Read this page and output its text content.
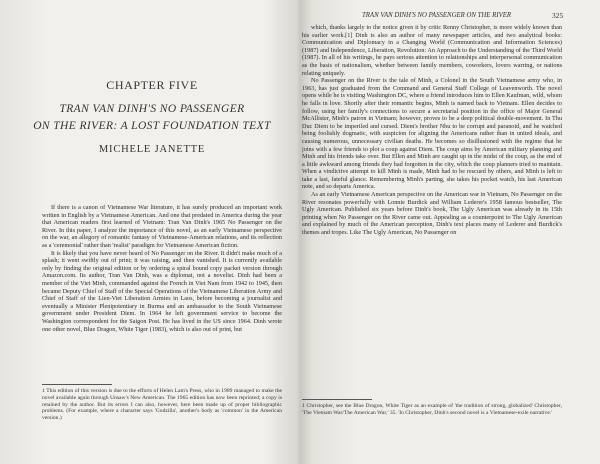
CHAPTER FIVE
TRAN VAN DINH'S NO PASSENGER
ON THE RIVER: A LOST FOUNDATION TEXT
MICHELE JANETTE

If there is a canon of Vietnamese War literature, it has surely produced an important work written in English by a Vietnamese American. And one that predated in America during the year that American readers first learned of Vietnam: Tran Van Dinh's 1965 No Passenger on the River. In this paper, I analyze the importance of this novel, as an early Vietnamese perspective on the war, an allegory of romantic fantasy of Vietnamese-American relations, and its reflection as a 'ceremonial' rather than 'realist' paradigm for Vietnamese American fiction.

It is likely that you have never heard of No Passenger on the River. It didn't make much of a splash; it went swiftly out of print; it was raising, and then vanished. It is currently available only by finding the original edition or by ordering a spiral bound copy packet version through Amazon.com. Its author, Tran Van Dinh, was a diplomat, not a novelist. Dinh had been a member of the Viet Minh, commanded against the French in Viet Nam from 1942 to 1945, then became Deputy Chief of Staff of the Special Operations of the Vietnamese Liberation Army and Chief of Staff of the Lien-Viet Liberation Armies in Laos, before becoming a journalist and eventually a Minister Plenipotentiary in Burma and an ambassador to the South Vietnamese government under President Diem. In 1964 he left government service to become the Washington correspondent for the Saigon Post. He has lived in the US since 1964. Dinh wrote one other novel, Blue Dragon, White Tiger (1983), which is also out of print, but

1 This edition of this version is due to the efforts of Helen Lam's Press, who in 1989 managed to make the novel available again through Unsaw's New American. The 1965 edition has now been reprinted; a copy is retained by the author. But its errors I can also, however, here been made up of proper bibliographic problems. (For example, where a character says 'Godzilla', another's body as 'common' in the American version.)
TRAN VAN DINH'S NO PASSENGER ON THE RIVER	325

which, thanks largely to the notice given it by critic Renny Christopher, is more widely known than his earlier work.[1] Dinh is also an author of many newspaper articles, and two analytical books: Communication and Diplomacy in a Changing World (Communication and Information Sciences) (1987) and Independence, Liberation, Revolution: An Approach to the Understanding of the Third World (1987). In all of his writings, he pays serious attention to relationships and interpersonal communication as the basis of nationalism, whether between family members, coworkers, lovers warring, or nations relating uniquely.

No Passenger on the River is the tale of Minh, a Colonel in the South Vietnamese army who, in 1963, has just graduated from the Command and General Staff College of Leavenworth. The novel opens while he is visiting Washington DC, where a friend introduces him to Ellen Kaufman, wild, whom he falls in love. Shortly after their romantic begins, Minh is named back to Vietnam. Ellen decides to follow, using her family's connections to secure a secretarial position in the office of Major General McAllister, Minh's patron in Vietnam; however, proves to be a deep political double-movement. In Thu Duc Diem to be imperiled and cursed. Diem's brother Nhu to be corrupt and paranoid, and he watched being foolishly dogmatic, with suspicion for aligning the Americans rather than in united ideals, and causing numerous, unnecessary civilian deaths. He becomes so disillusioned with the regime that he joins with a few friends to plot a coup against Diem. The coup aims by American military planning and Minh and his friends take over. But Ellen and Minh are caught up in the midst of the coup, as the end of a little awkward among friends they had forgotten in the city, which the coup planners tried to maintain. When a vindictive attempt to kill Minh is made, Minh had to be rescued by others, and Minh is left to take a last, fateful glance. Remembering Minh's parting, she takes his pocket watch, his last American note, and so departs America.

As an early Vietnamese American perspective on the American war in Vietnam, No Passenger on the River resonates powerfully with Lonnie Burdick and William Lederer's 1958 famous bestseller, The Ugly American. Published six years before Dinh's book, The Ugly American was already in its 15th printing when No Passenger on the River came out. Appealing as a counterpoint to The Ugly American and explained by much of the American perception, Dinh's text places many of Lederer and Burdick's themes and tropes. Like The Ugly American, No Passenger on

1 Christopher, see the Blue Dragon, White Tiger as an example of 'the tradition of strong, globalized' Christopher, 'The Vietnam War/The American War,' 35. 'In Christopher, Dinh's second novel is a Vietnamese-exile narrative.'
